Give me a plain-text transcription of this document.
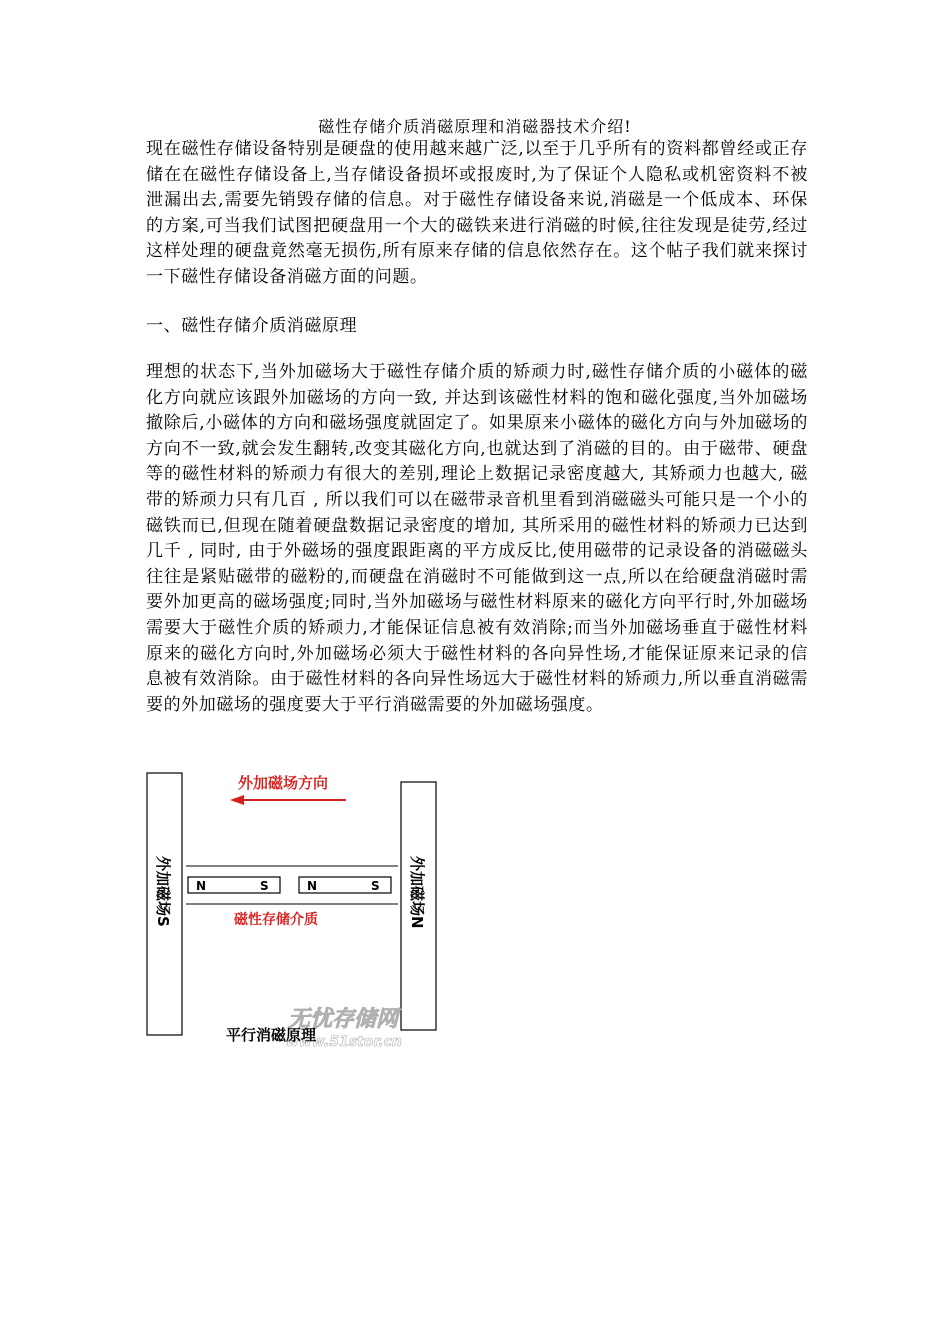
磁性存储介质消磁原理和消磁器技术介绍!

现在磁性存储设备特别是硬盘的使用越来越广泛,以至于几乎所有的资料都曾经或正存储在在磁性存储设备上,当存储设备损坏或报废时,为了保证个人隐私或机密资料不被泄漏出去,需要先销毁存储的信息。对于磁性存储设备来说,消磁是一个低成本、环保的方案,可当我们试图把硬盘用一个大的磁铁来进行消磁的时候,往往发现是徒劳,经过这样处理的硬盘竟然毫无损伤,所有原来存储的信息依然存在。这个帖子我们就来探讨一下磁性存储设备消磁方面的问题。

一、磁性存储介质消磁原理

理想的状态下,当外加磁场大于磁性存储介质的矫顽力时,磁性存储介质的小磁体的磁化方向就应该跟外加磁场的方向一致, 并达到该磁性材料的饱和磁化强度,当外加磁场撤除后,小磁体的方向和磁场强度就固定了。如果原来小磁体的磁化方向与外加磁场的方向不一致,就会发生翻转,改变其磁化方向,也就达到了消磁的目的。由于磁带、硬盘等的磁性材料的矫顽力有很大的差别,理论上数据记录密度越大, 其矫顽力也越大, 磁带的矫顽力只有几百 , 所以我们可以在磁带录音机里看到消磁磁头可能只是一个小的磁铁而已,但现在随着硬盘数据记录密度的增加, 其所采用的磁性材料的矫顽力已达到几千 , 同时, 由于外磁场的强度跟距离的平方成反比,使用磁带的记录设备的消磁磁头往往是紧贴磁带的磁粉的,而硬盘在消磁时不可能做到这一点,所以在给硬盘消磁时需要外加更高的磁场强度;同时,当外加磁场与磁性材料原来的磁化方向平行时,外加磁场需要大于磁性介质的矫顽力,才能保证信息被有效消除;而当外加磁场垂直于磁性材料原来的磁化方向时,外加磁场必须大于磁性材料的各向异性场,才能保证原来记录的信息被有效消除。由于磁性材料的各向异性场远大于磁性材料的矫顽力,所以垂直消磁需要的外加磁场的强度要大于平行消磁需要的外加磁场强度。

外加磁场S	外加磁场N
外加磁场方向
N	S	N	S
磁性存储介质
无忧存储网
www.51stor.cn
平行消磁原理
